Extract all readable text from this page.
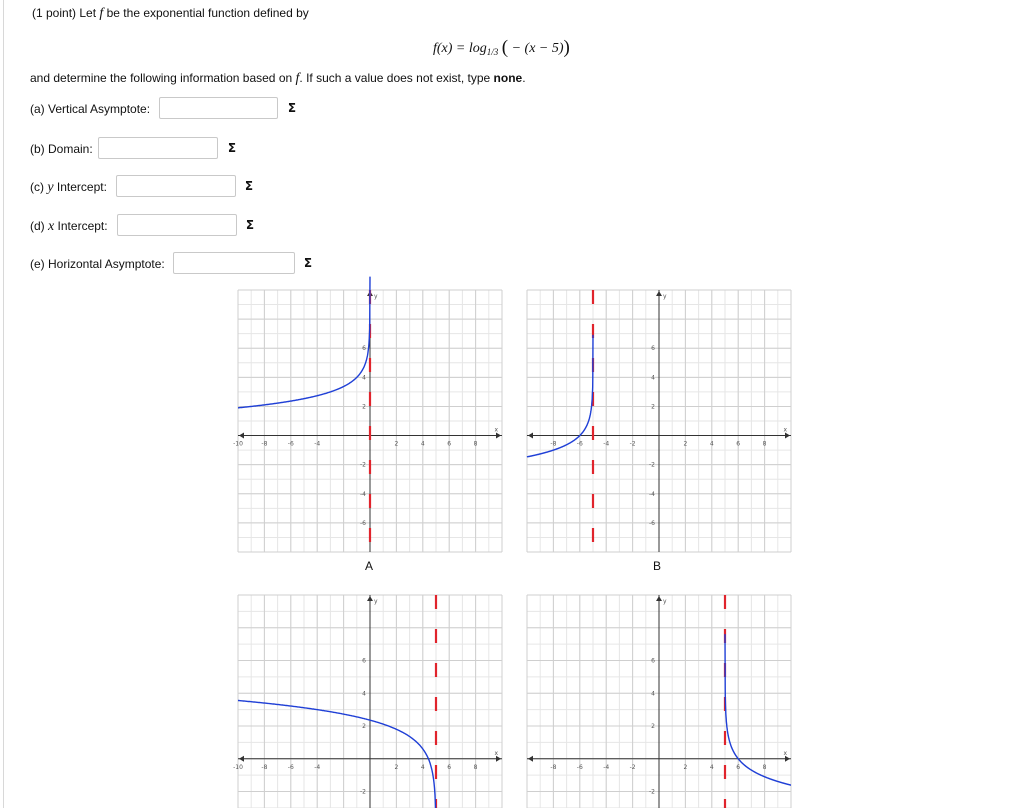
(1 point) Let f be the exponential function defined by
$f(x) = \log_{1/3}$ ( − (x − 5))
and determine the following information based on f. If such a value does not exist, type none.
(a) Vertical Asymptote:	Σ
(b) Domain:	Σ
(c) y Intercept:	Σ
(d) x Intercept:	Σ
(e) Horizontal Asymptote:	Σ
-10	-8	-6	-4	2	4	6	8
6
4
2
-2
-4
-6
x
y
A
-8	-6	-4	-2	2	4	6	8
6
4
2
-2
-4
-6
x
y
B
-10	-8	-6	-4	2	4	6	8
6
4
2
-2
x
y
-8	-6	-4	-2	2	4	6	8
6
4
2
-2
x
y
